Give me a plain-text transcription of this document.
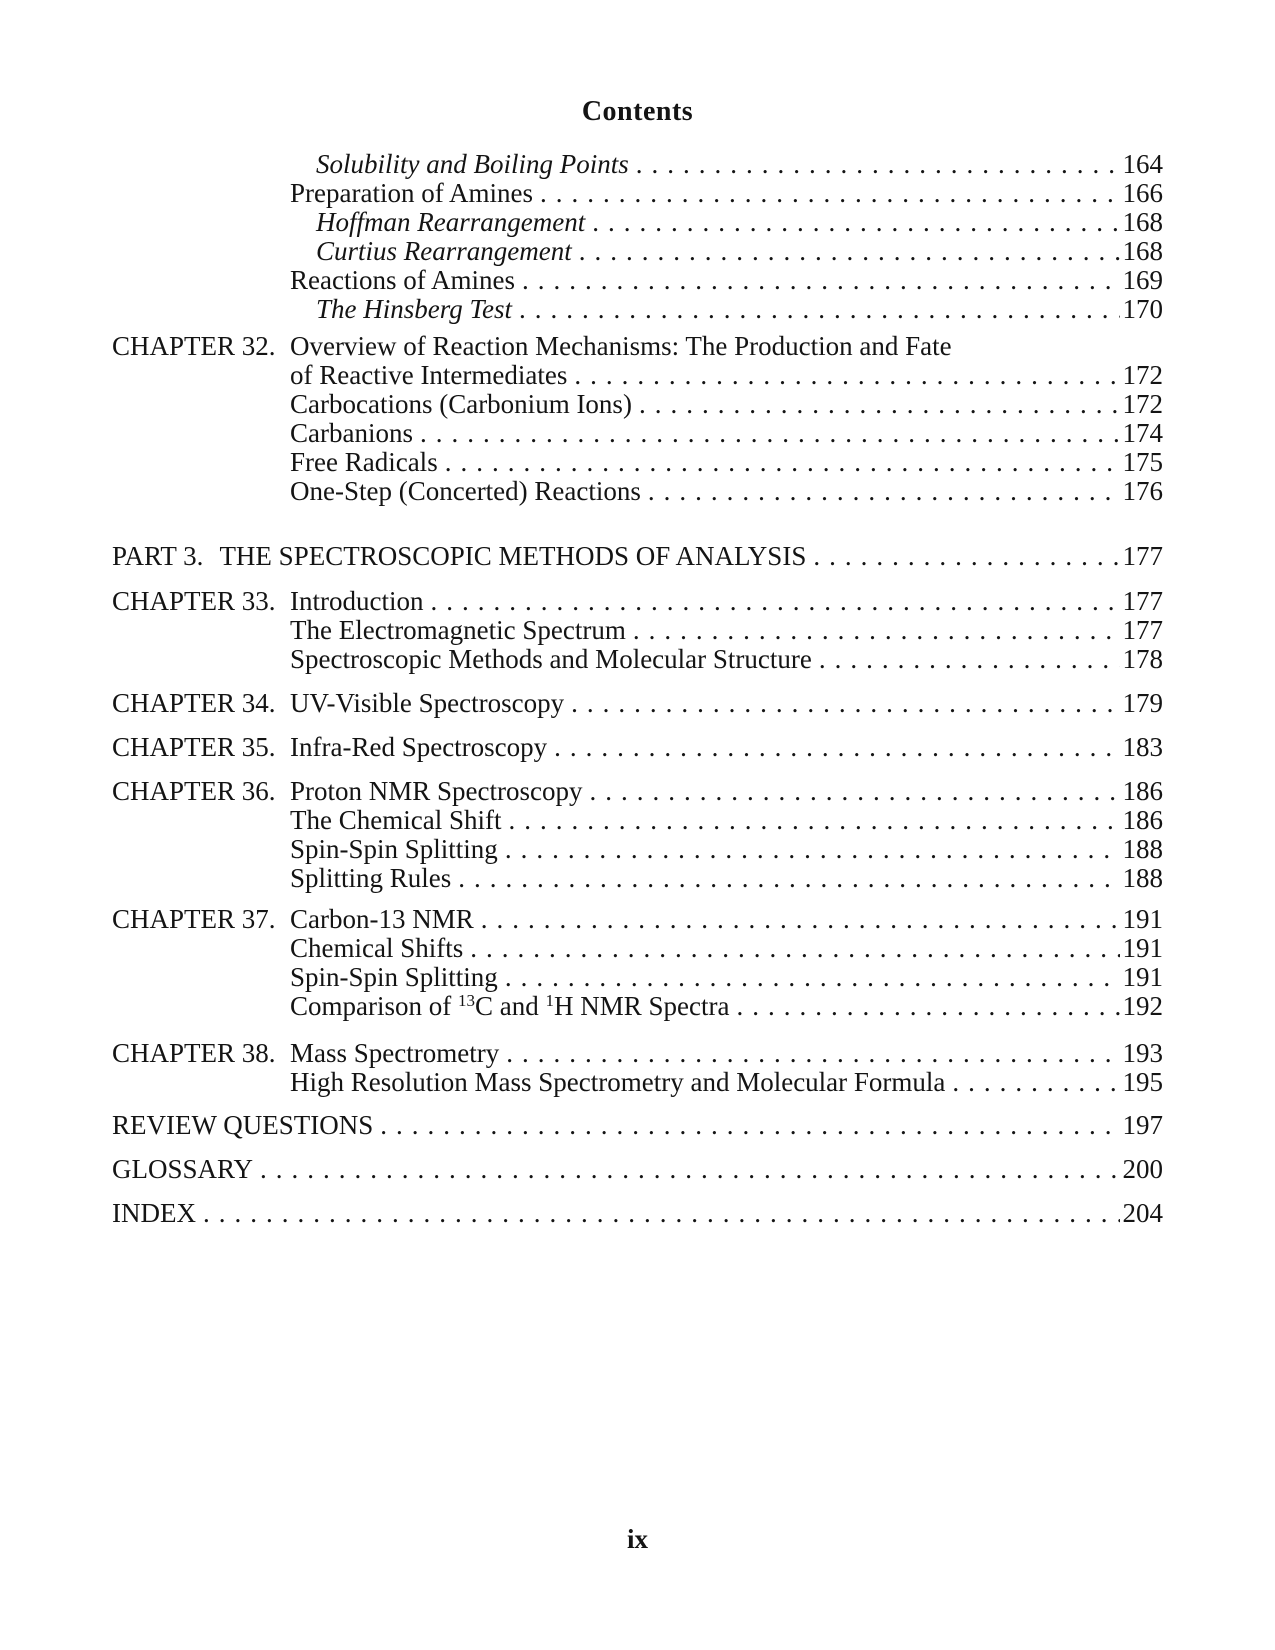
Contents
Solubility and Boiling Points .....	164
Preparation of Amines .....	166
Hoffman Rearrangement .....	168
Curtius Rearrangement .....	168
Reactions of Amines .....	169
The Hinsberg Test .....	170
CHAPTER 32. Overview of Reaction Mechanisms: The Production and Fate
of Reactive Intermediates .....	172
Carbocations (Carbonium Ions) .....	172
Carbanions .....	174
Free Radicals .....	175
One-Step (Concerted) Reactions .....	176
PART 3. THE SPECTROSCOPIC METHODS OF ANALYSIS .....	177
CHAPTER 33. Introduction .....	177
The Electromagnetic Spectrum .....	177
Spectroscopic Methods and Molecular Structure .....	178
CHAPTER 34. UV-Visible Spectroscopy .....	179
CHAPTER 35. Infra-Red Spectroscopy .....	183
CHAPTER 36. Proton NMR Spectroscopy .....	186
The Chemical Shift .....	186
Spin-Spin Splitting .....	188
Splitting Rules .....	188
CHAPTER 37. Carbon-13 NMR .....	191
Chemical Shifts .....	191
Spin-Spin Splitting .....	191
Comparison of $^{13}$C and $^1$H NMR Spectra .....	192
CHAPTER 38. Mass Spectrometry .....	193
High Resolution Mass Spectrometry and Molecular Formula .....	195
REVIEW QUESTIONS .....	197
GLOSSARY .....	200
INDEX .....	204
ix
